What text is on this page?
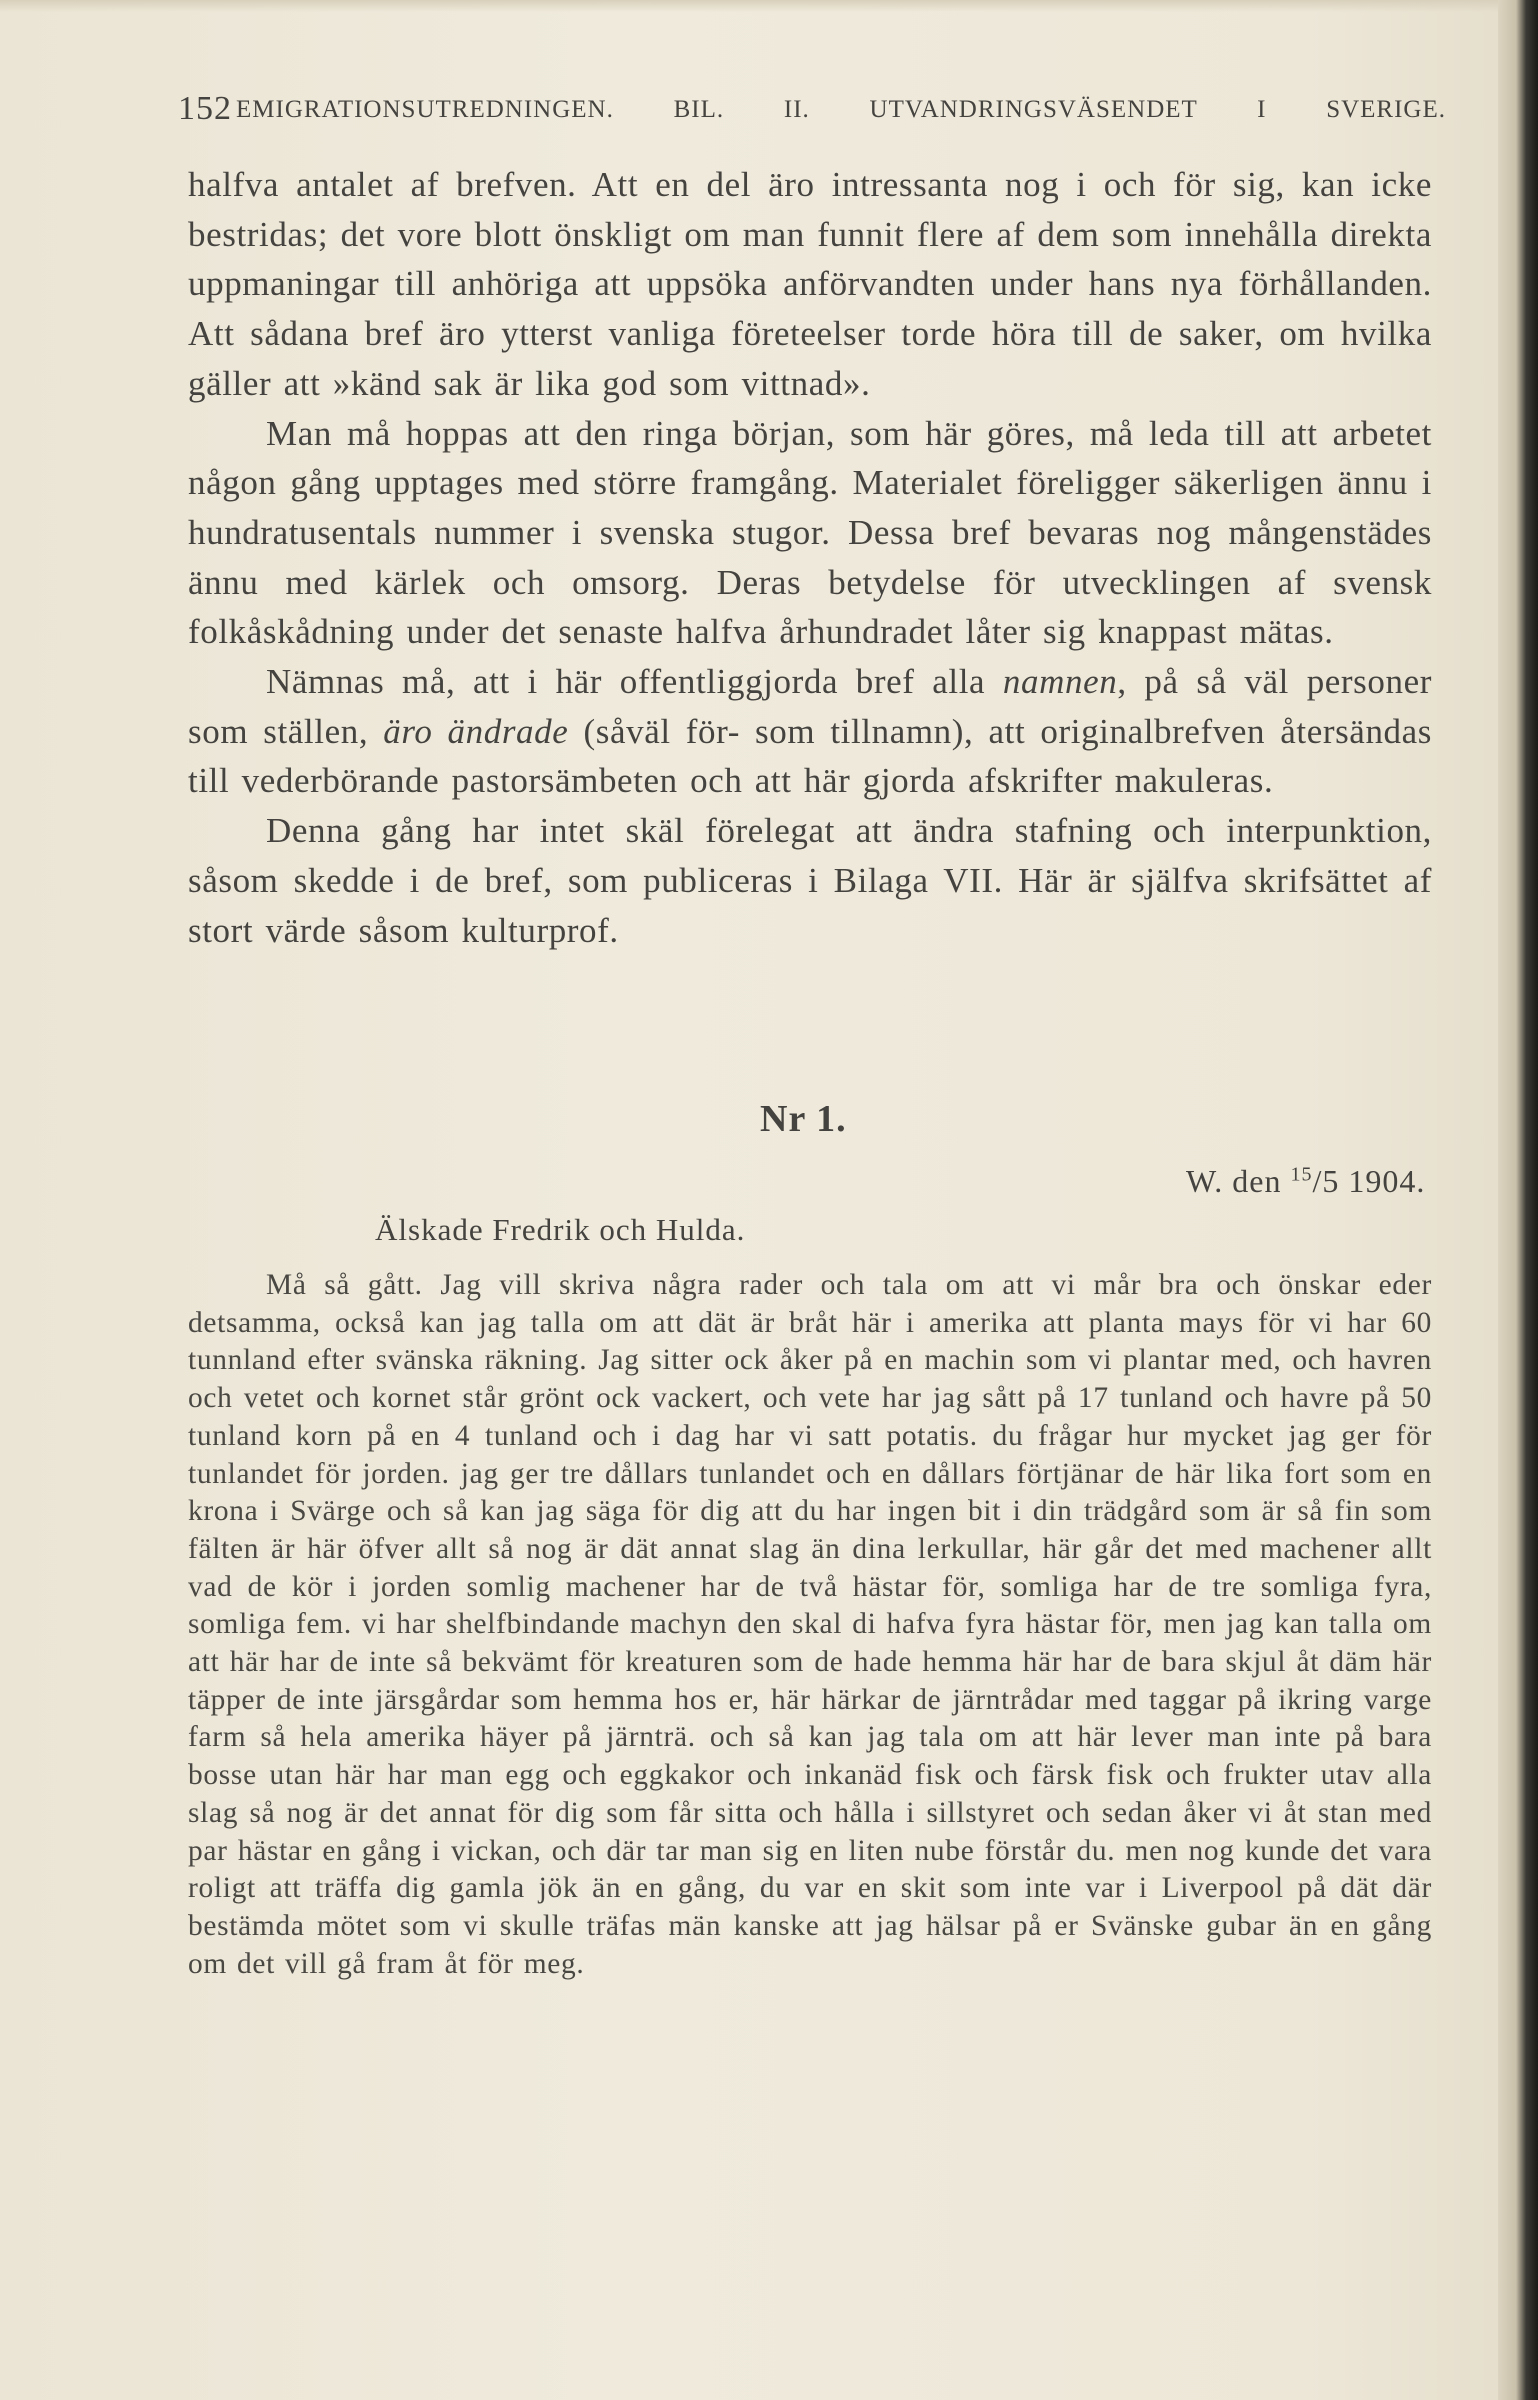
152 EMIGRATIONSUTREDNINGEN. BIL. II. UTVANDRINGSVÄSENDET I SVERIGE.

halfva antalet af brefven. Att en del äro intressanta nog i och för sig, kan icke bestridas; det vore blott önskligt om man funnit flere af dem som innehålla direkta uppmaningar till anhöriga att uppsöka anförvandten under hans nya förhållanden. Att sådana bref äro ytterst vanliga företeelser torde höra till de saker, om hvilka gäller att »känd sak är lika god som vittnad».

Man må hoppas att den ringa början, som här göres, må leda till att arbetet någon gång upptages med större framgång. Materialet föreligger säkerligen ännu i hundratusentals nummer i svenska stugor. Dessa bref bevaras nog mångenstädes ännu med kärlek och omsorg. Deras betydelse för utvecklingen af svensk folkåskådning under det senaste halfva århundradet låter sig knappast mätas.

Nämnas må, att i här offentliggjorda bref alla namnen, på så väl personer som ställen, äro ändrade (såväl för- som tillnamn), att originalbrefven återsändas till vederbörande pastorsämbeten och att här gjorda afskrifter makuleras.

Denna gång har intet skäl förelegat att ändra stafning och interpunktion, såsom skedde i de bref, som publiceras i Bilaga VII. Här är själfva skrifsättet af stort värde såsom kulturprof.

Nr 1.
W. den $^{15}$/5 1904.
Älskade Fredrik och Hulda.

Må så gått. Jag vill skriva några rader och tala om att vi mår bra och önskar eder detsamma, också kan jag talla om att dät är bråt här i amerika att planta mays för vi har 60 tunnland efter svänska räkning. Jag sitter ock åker på en machin som vi plantar med, och havren och vetet och kornet står grönt ock vackert, och vete har jag sått på 17 tunland och havre på 50 tunland korn på en 4 tunland och i dag har vi satt potatis. du frågar hur mycket jag ger för tunlandet för jorden. jag ger tre dållars tunlandet och en dållars förtjänar de här lika fort som en krona i Svärge och så kan jag säga för dig att du har ingen bit i din trädgård som är så fin som fälten är här öfver allt så nog är dät annat slag än dina lerkullar, här går det med machener allt vad de kör i jorden somlig machener har de två hästar för, somliga har de tre somliga fyra, somliga fem. vi har shelfbindande machyn den skal di hafva fyra hästar för, men jag kan talla om att här har de inte så bekvämt för kreaturen som de hade hemma här har de bara skjul åt däm här täpper de inte järsgårdar som hemma hos er, här härkar de järntrådar med taggar på ikring varge farm så hela amerika häyer på järnträ. och så kan jag tala om att här lever man inte på bara bosse utan här har man egg och eggkakor och inkanäd fisk och färsk fisk och frukter utav alla slag så nog är det annat för dig som får sitta och hålla i sillstyret och sedan åker vi åt stan med par hästar en gång i vickan, och där tar man sig en liten nube förstår du. men nog kunde det vara roligt att träffa dig gamla jök än en gång, du var en skit som inte var i Liverpool på dät där bestämda mötet som vi skulle träfas män kanske att jag hälsar på er Svänske gubar än en gång om det vill gå fram åt för meg.
